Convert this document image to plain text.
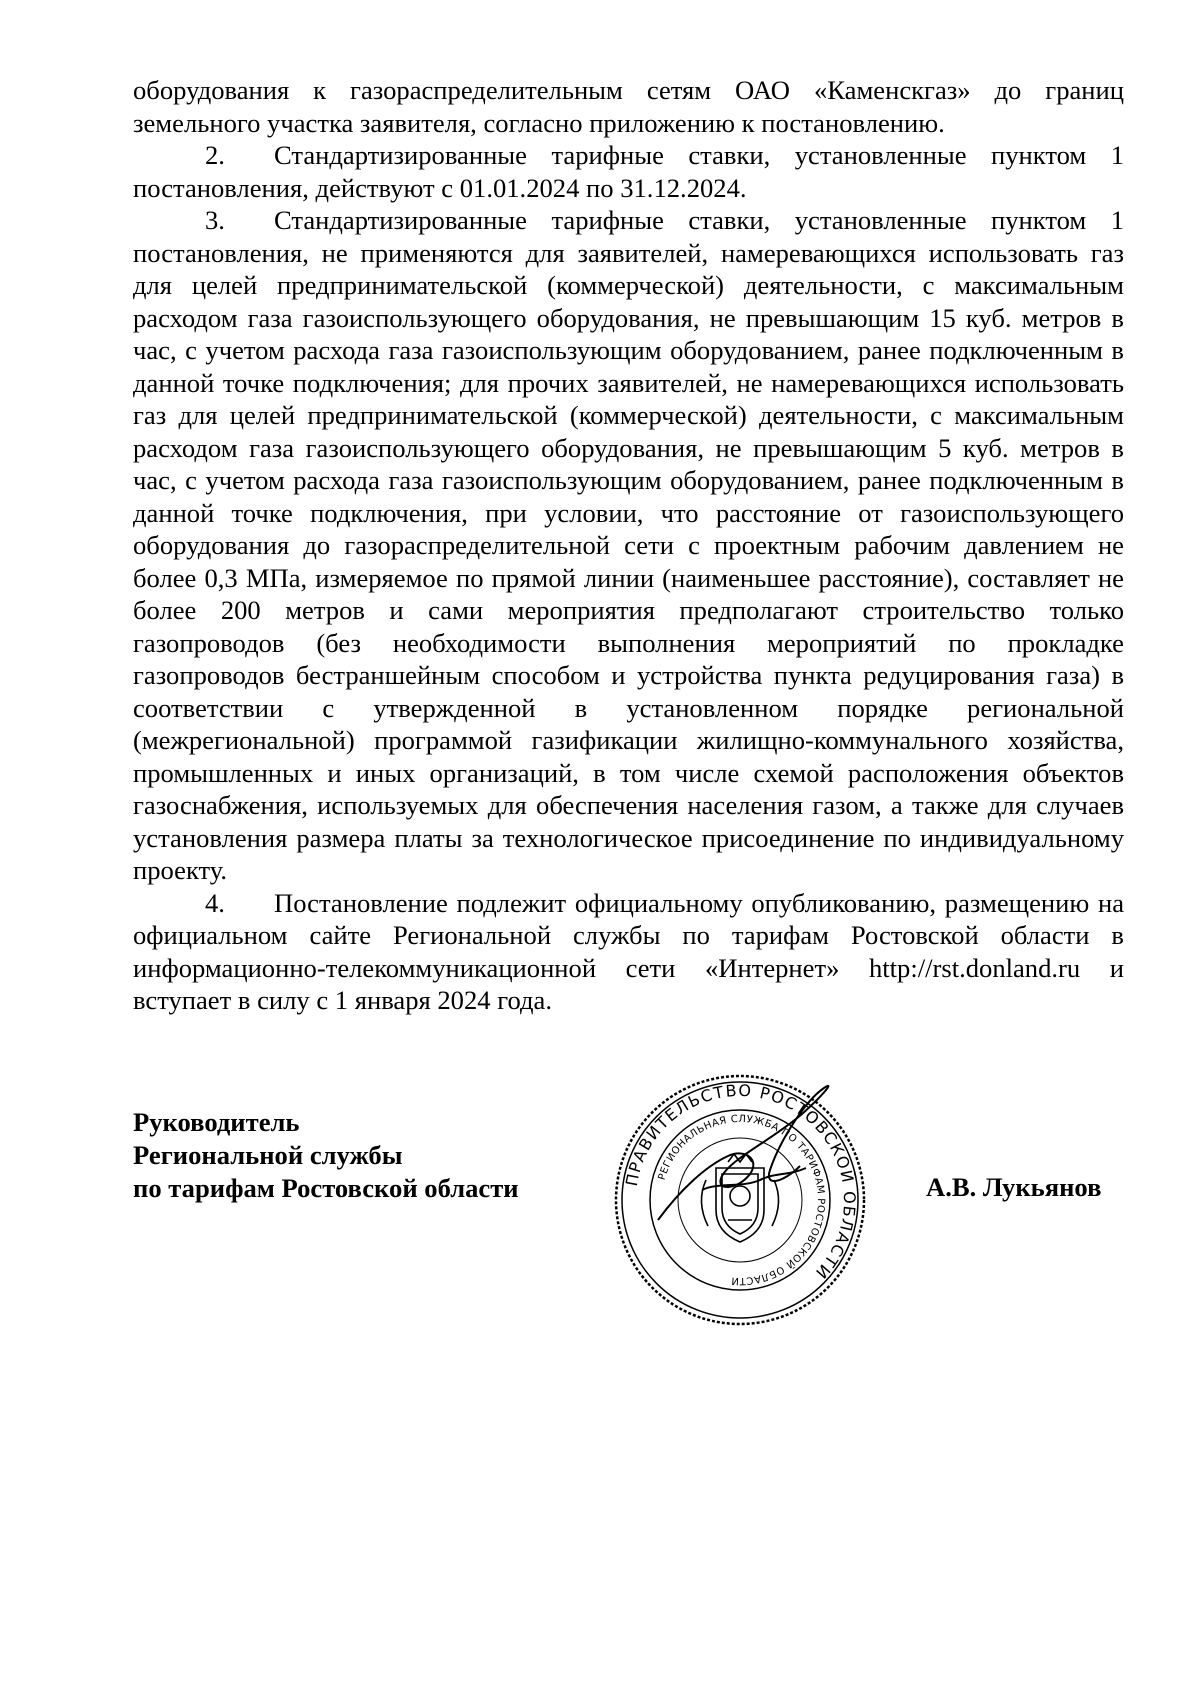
оборудования к газораспределительным сетям ОАО «Каменскгаз» до границ земельного участка заявителя, согласно приложению к постановлению.

2. Стандартизированные тарифные ставки, установленные пунктом 1 постановления, действуют с 01.01.2024 по 31.12.2024.

3. Стандартизированные тарифные ставки, установленные пунктом 1 постановления, не применяются для заявителей, намеревающихся использовать газ для целей предпринимательской (коммерческой) деятельности, с максимальным расходом газа газоиспользующего оборудования, не превышающим 15 куб. метров в час, с учетом расхода газа газоиспользующим оборудованием, ранее подключенным в данной точке подключения; для прочих заявителей, не намеревающихся использовать газ для целей предпринимательской (коммерческой) деятельности, с максимальным расходом газа газоиспользующего оборудования, не превышающим 5 куб. метров в час, с учетом расхода газа газоиспользующим оборудованием, ранее подключенным в данной точке подключения, при условии, что расстояние от газоиспользующего оборудования до газораспределительной сети с проектным рабочим давлением не более 0,3 МПа, измеряемое по прямой линии (наименьшее расстояние), составляет не более 200 метров и сами мероприятия предполагают строительство только газопроводов (без необходимости выполнения мероприятий по прокладке газопроводов бестраншейным способом и устройства пункта редуцирования газа) в соответствии с утвержденной в установленном порядке региональной (межрегиональной) программой газификации жилищно-коммунального хозяйства, промышленных и иных организаций, в том числе схемой расположения объектов газоснабжения, используемых для обеспечения населения газом, а также для случаев установления размера платы за технологическое присоединение по индивидуальному проекту.

4. Постановление подлежит официальному опубликованию, размещению на официальном сайте Региональной службы по тарифам Ростовской области в информационно-телекоммуникационной сети «Интернет» http://rst.donland.ru и вступает в силу с 1 января 2024 года.

Руководитель
Региональной службы
по тарифам Ростовской области	ПРАВИТЕЛЬСТВО РОСТОВСКОЙ ОБЛАСТИ
РЕГИОНАЛЬНАЯ СЛУЖБА ПО ТАРИФАМ РОСТОВСКОЙ ОБЛАСТИ
А.В. Лукьянов
